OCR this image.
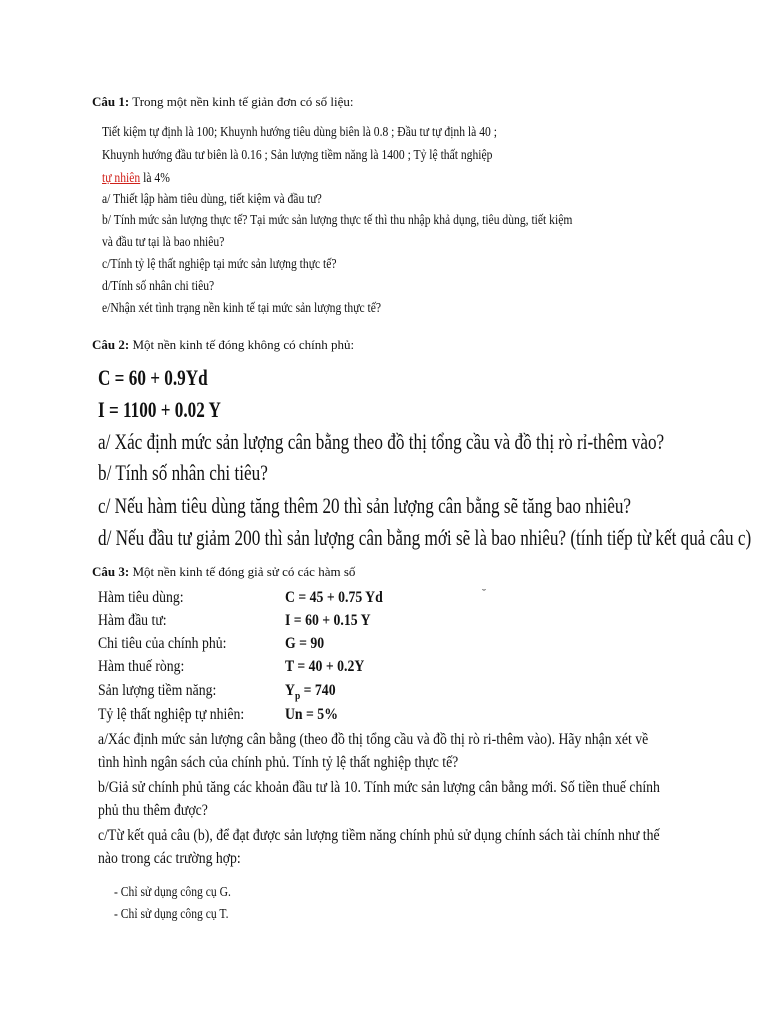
Câu 1: Trong một nền kinh tế giản đơn có số liệu:
Tiết kiệm tự định là 100; Khuynh hướng tiêu dùng biên là 0.8 ; Đầu tư tự định là 40 ;
Khuynh hướng đầu tư biên là 0.16 ; Sản lượng tiềm năng là 1400 ; Tỷ lệ thất nghiệp
tự nhiên là 4%
a/ Thiết lập hàm tiêu dùng, tiết kiệm và đầu tư?
b/ Tính mức sản lượng thực tế? Tại mức sản lượng thực tế thì thu nhập khả dụng, tiêu dùng, tiết kiệm
và đầu tư tại là bao nhiêu?
c/Tính tỷ lệ thất nghiệp tại mức sản lượng thực tế?
d/Tính số nhân chi tiêu?
e/Nhận xét tình trạng nền kinh tế tại mức sản lượng thực tế?
Câu 2: Một nền kinh tế đóng không có chính phủ:
C = 60 + 0.9Yd
I = 1100 + 0.02 Y
a/ Xác định mức sản lượng cân bằng theo đồ thị tổng cầu và đồ thị rò rỉ-thêm vào?
b/ Tính số nhân chi tiêu?
c/ Nếu hàm tiêu dùng tăng thêm 20 thì sản lượng cân bằng sẽ tăng bao nhiêu?
d/ Nếu đầu tư giảm 200 thì sản lượng cân bằng mới sẽ là bao nhiêu? (tính tiếp từ kết quả câu c)
Câu 3: Một nền kinh tế đóng giả sử có các hàm số
˘
Hàm tiêu dùng:	C = 45 + 0.75 Yd
Hàm đầu tư:	I = 60 + 0.15 Y
Chi tiêu của chính phủ:	G = 90
Hàm thuế ròng:	T = 40 + 0.2Y
Sản lượng tiềm năng:	$Y_p = 740$
Tỷ lệ thất nghiệp tự nhiên:	Un = 5%
a/Xác định mức sản lượng cân bằng (theo đồ thị tổng cầu và đồ thị rò ri-thêm vào). Hãy nhận xét về
tình hình ngân sách của chính phủ. Tính tỷ lệ thất nghiệp thực tế?
b/Giả sử chính phủ tăng các khoản đầu tư là 10. Tính mức sản lượng cân bằng mới. Số tiền thuế chính
phủ thu thêm được?
c/Từ kết quả câu (b), để đạt được sản lượng tiềm năng chính phủ sử dụng chính sách tài chính như thế
nào trong các trường hợp:
- Chỉ sử dụng công cụ G.
- Chỉ sử dụng công cụ T.
